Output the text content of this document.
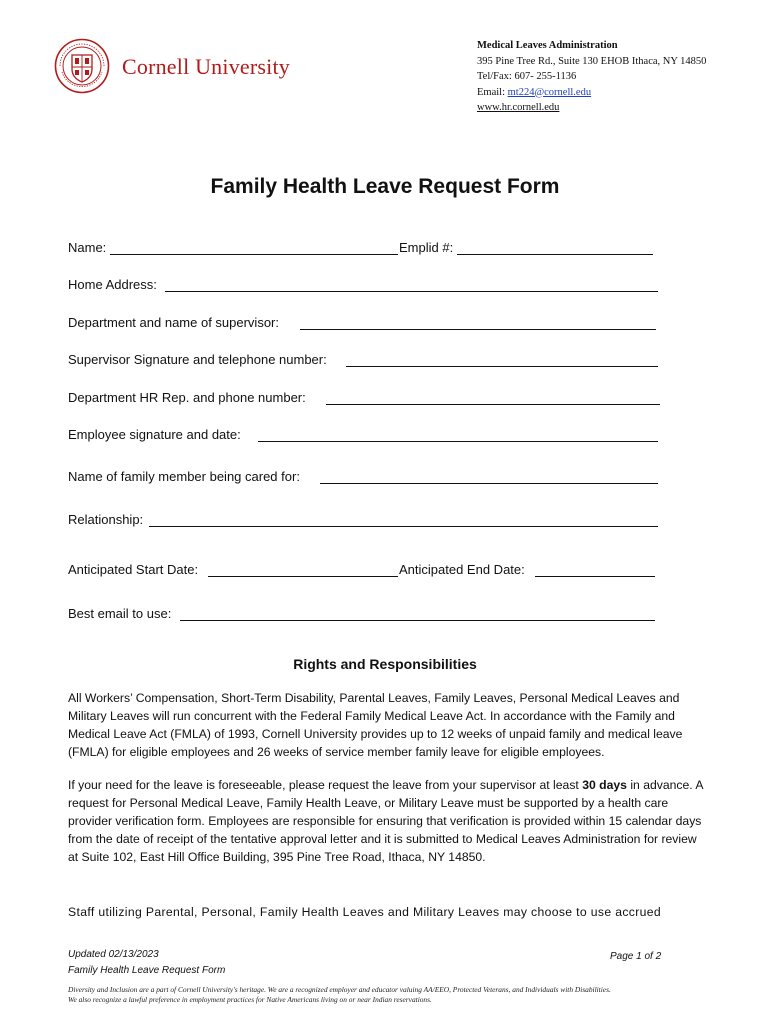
Cornell University
Medical Leaves Administration
395 Pine Tree Rd., Suite 130 EHOB Ithaca, NY 14850
Tel/Fax: 607- 255-1136
Email: mt224@cornell.edu
www.hr.cornell.edu
Family Health Leave Request Form
Name:	Emplid #:
Home Address:
Department and name of supervisor:
Supervisor Signature and telephone number:
Department HR Rep. and phone number:
Employee signature and date:
Name of family member being cared for:
Relationship:
Anticipated Start Date:	Anticipated End Date:
Best email to use:
Rights and Responsibilities
All Workers’ Compensation, Short-Term Disability, Parental Leaves, Family Leaves, Personal Medical Leaves and Military Leaves will run concurrent with the Federal Family Medical Leave Act. In accordance with the Family and Medical Leave Act (FMLA) of 1993, Cornell University provides up to 12 weeks of unpaid family and medical leave (FMLA) for eligible employees and 26 weeks of service member family leave for eligible employees.
If your need for the leave is foreseeable, please request the leave from your supervisor at least 30 days in advance. A request for Personal Medical Leave, Family Health Leave, or Military Leave must be supported by a health care provider verification form. Employees are responsible for ensuring that verification is provided within 15 calendar days from the date of receipt of the tentative approval letter and it is submitted to Medical Leaves Administration for review at Suite 102, East Hill Office Building, 395 Pine Tree Road, Ithaca, NY 14850.
Staff utilizing Parental, Personal, Family Health Leaves and Military Leaves may choose to use accrued
Updated 02/13/2023
Family Health Leave Request Form
Page 1 of 2
Diversity and Inclusion are a part of Cornell University's heritage. We are a recognized employer and educator valuing AA/EEO, Protected Veterans, and Individuals with Disabilities.
We also recognize a lawful preference in employment practices for Native Americans living on or near Indian reservations.
